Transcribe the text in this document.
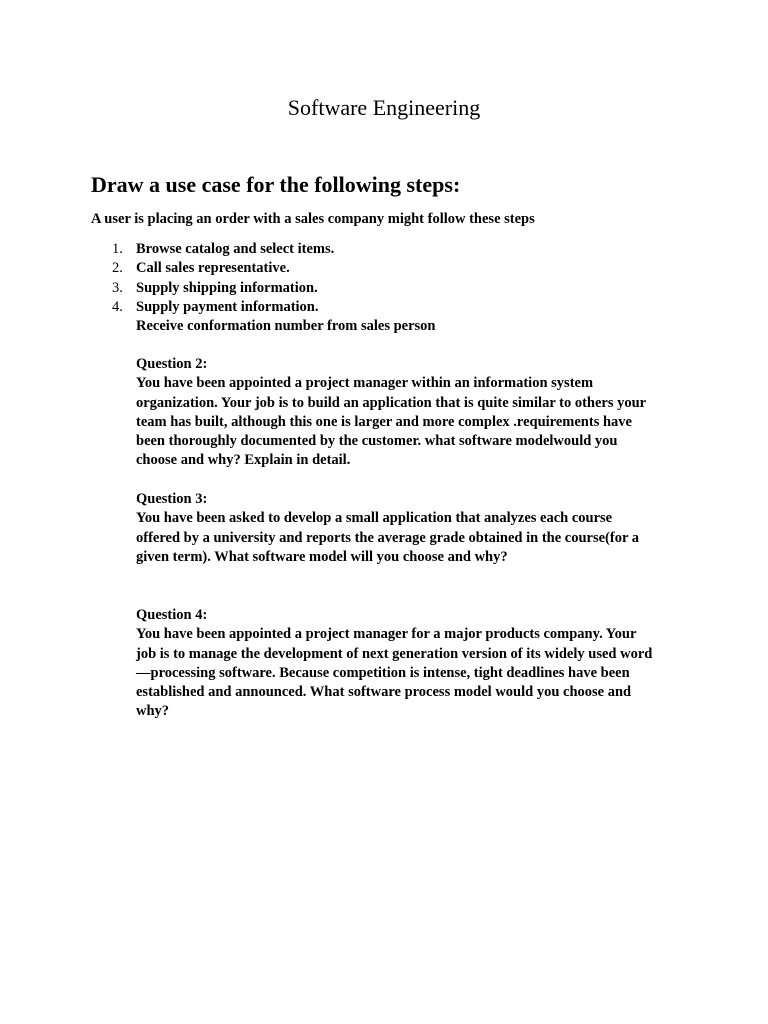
Software Engineering
Draw a use case for the following steps:

A user is placing an order with a sales company might follow these steps

1. Browse catalog and select items.
2. Call sales representative.
3. Supply shipping information.
4. Supply payment information.
Receive conformation number from sales person
Question 2:
You have been appointed a project manager within an information system
organization. Your job is to build an application that is quite similar to others your
team has built, although this one is larger and more complex .requirements have
been thoroughly documented by the customer. what software modelwould you
choose and why? Explain in detail.
Question 3:
You have been asked to develop a small application that analyzes each course
offered by a university and reports the average grade obtained in the course(for a
given term). What software model will you choose and why?
Question 4:
You have been appointed a project manager for a major products company. Your
job is to manage the development of next generation version of its widely used word
—processing software. Because competition is intense, tight deadlines have been
established and announced. What software process model would you choose and
why?
